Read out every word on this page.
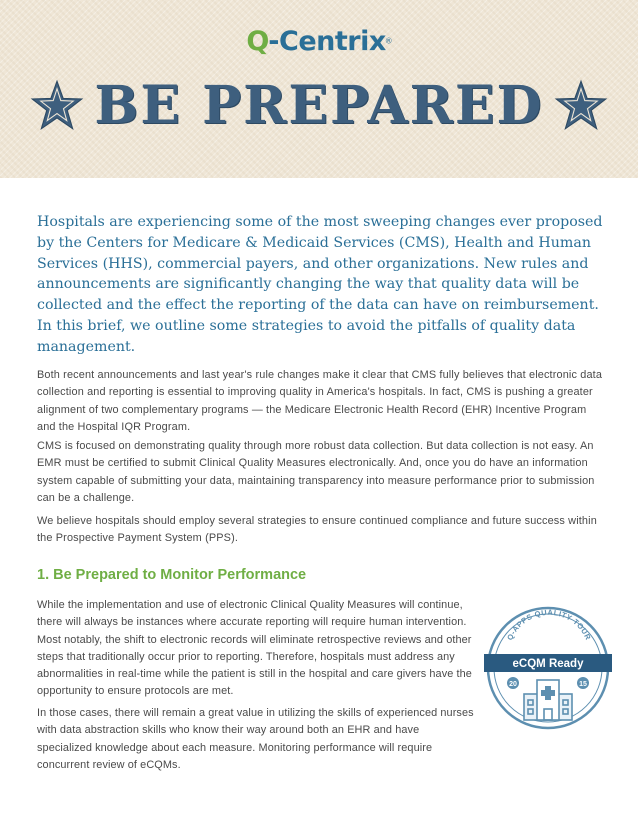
Q-Centrix®
BE PREPARED

Hospitals are experiencing some of the most sweeping changes ever proposed by the Centers for Medicare & Medicaid Services (CMS), Health and Human Services (HHS), commercial payers, and other organizations. New rules and announcements are significantly changing the way that quality data will be collected and the effect the reporting of the data can have on reimbursement. In this brief, we outline some strategies to avoid the pitfalls of quality data management.

Both recent announcements and last year's rule changes make it clear that CMS fully believes that electronic data collection and reporting is essential to improving quality in America's hospitals. In fact, CMS is pushing a greater alignment of two complementary programs — the Medicare Electronic Health Record (EHR) Incentive Program and the Hospital IQR Program.

CMS is focused on demonstrating quality through more robust data collection. But data collection is not easy. An EMR must be certified to submit Clinical Quality Measures electronically. And, once you do have an information system capable of submitting your data, maintaining transparency into measure performance prior to submission can be a challenge.

We believe hospitals should employ several strategies to ensure continued compliance and future success within the Prospective Payment System (PPS).

1. Be Prepared to Monitor Performance

While the implementation and use of electronic Clinical Quality Measures will continue, there will always be instances where accurate reporting will require human intervention. Most notably, the shift to electronic records will eliminate retrospective reviews and other steps that traditionally occur prior to reporting. Therefore, hospitals must address any abnormalities in real-time while the patient is still in the hospital and care givers have the opportunity to ensure protocols are met.

In those cases, there will remain a great value in utilizing the skills of experienced nurses with data abstraction skills who know their way around both an EHR and have specialized knowledge about each measure. Monitoring performance will require concurrent review of eCQMs.

Q-APPS QUALITY TOUR
eCQM Ready
20	15
